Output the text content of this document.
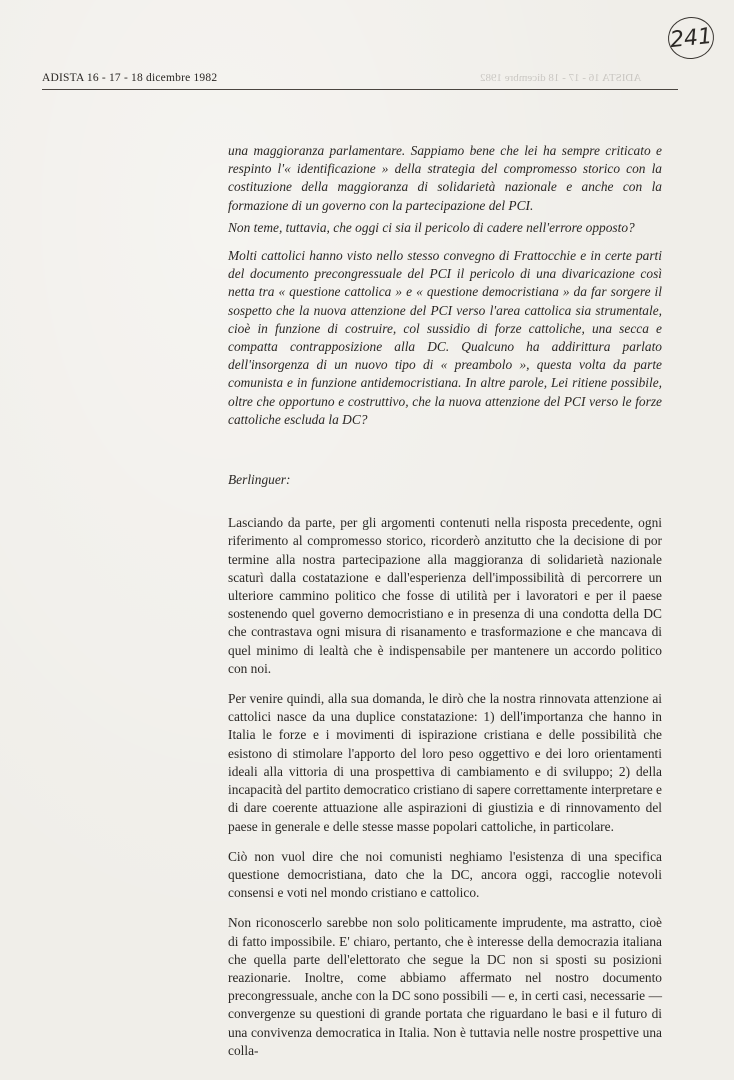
241
ADISTA 16 - 17 - 18 dicembre 1982	ADISTA 16 - 17 - 18 dicembre 1982

una maggioranza parlamentare. Sappiamo bene che lei ha sempre criticato e respinto l'« identificazione » della strategia del compromesso storico con la costituzione della maggioranza di solidarietà nazionale e anche con la formazione di un governo con la partecipazione del PCI.

Non teme, tuttavia, che oggi ci sia il pericolo di cadere nell'errore opposto?

Molti cattolici hanno visto nello stesso convegno di Frattocchie e in certe parti del documento precongressuale del PCI il pericolo di una divaricazione così netta tra « questione cattolica » e « questione democristiana » da far sorgere il sospetto che la nuova attenzione del PCI verso l'area cattolica sia strumentale, cioè in funzione di costruire, col sussidio di forze cattoliche, una secca e compatta contrapposizione alla DC. Qualcuno ha addirittura parlato dell'insorgenza di un nuovo tipo di « preambolo », questa volta da parte comunista e in funzione antidemocristiana. In altre parole, Lei ritiene possibile, oltre che opportuno e costruttivo, che la nuova attenzione del PCI verso le forze cattoliche escluda la DC?

Berlinguer:

Lasciando da parte, per gli argomenti contenuti nella risposta precedente, ogni riferimento al compromesso storico, ricorderò anzitutto che la decisione di por termine alla nostra partecipazione alla maggioranza di solidarietà nazionale scaturì dalla costatazione e dall'esperienza dell'impossibilità di percorrere un ulteriore cammino politico che fosse di utilità per i lavoratori e per il paese sostenendo quel governo democristiano e in presenza di una condotta della DC che contrastava ogni misura di risanamento e trasformazione e che mancava di quel minimo di lealtà che è indispensabile per mantenere un accordo politico con noi.

Per venire quindi, alla sua domanda, le dirò che la nostra rinnovata attenzione ai cattolici nasce da una duplice constatazione: 1) dell'importanza che hanno in Italia le forze e i movimenti di ispirazione cristiana e delle possibilità che esistono di stimolare l'apporto del loro peso oggettivo e dei loro orientamenti ideali alla vittoria di una prospettiva di cambiamento e di sviluppo; 2) della incapacità del partito democratico cristiano di sapere correttamente interpretare e di dare coerente attuazione alle aspirazioni di giustizia e di rinnovamento del paese in generale e delle stesse masse popolari cattoliche, in particolare.

Ciò non vuol dire che noi comunisti neghiamo l'esistenza di una specifica questione democristiana, dato che la DC, ancora oggi, raccoglie notevoli consensi e voti nel mondo cristiano e cattolico.

Non riconoscerlo sarebbe non solo politicamente imprudente, ma astratto, cioè di fatto impossibile. E' chiaro, pertanto, che è interesse della democrazia italiana che quella parte dell'elettorato che segue la DC non si sposti su posizioni reazionarie. Inoltre, come abbiamo affermato nel nostro documento precongressuale, anche con la DC sono possibili — e, in certi casi, necessarie — convergenze su questioni di grande portata che riguardano le basi e il futuro di una convivenza democratica in Italia. Non è tuttavia nelle nostre prospettive una colla-
